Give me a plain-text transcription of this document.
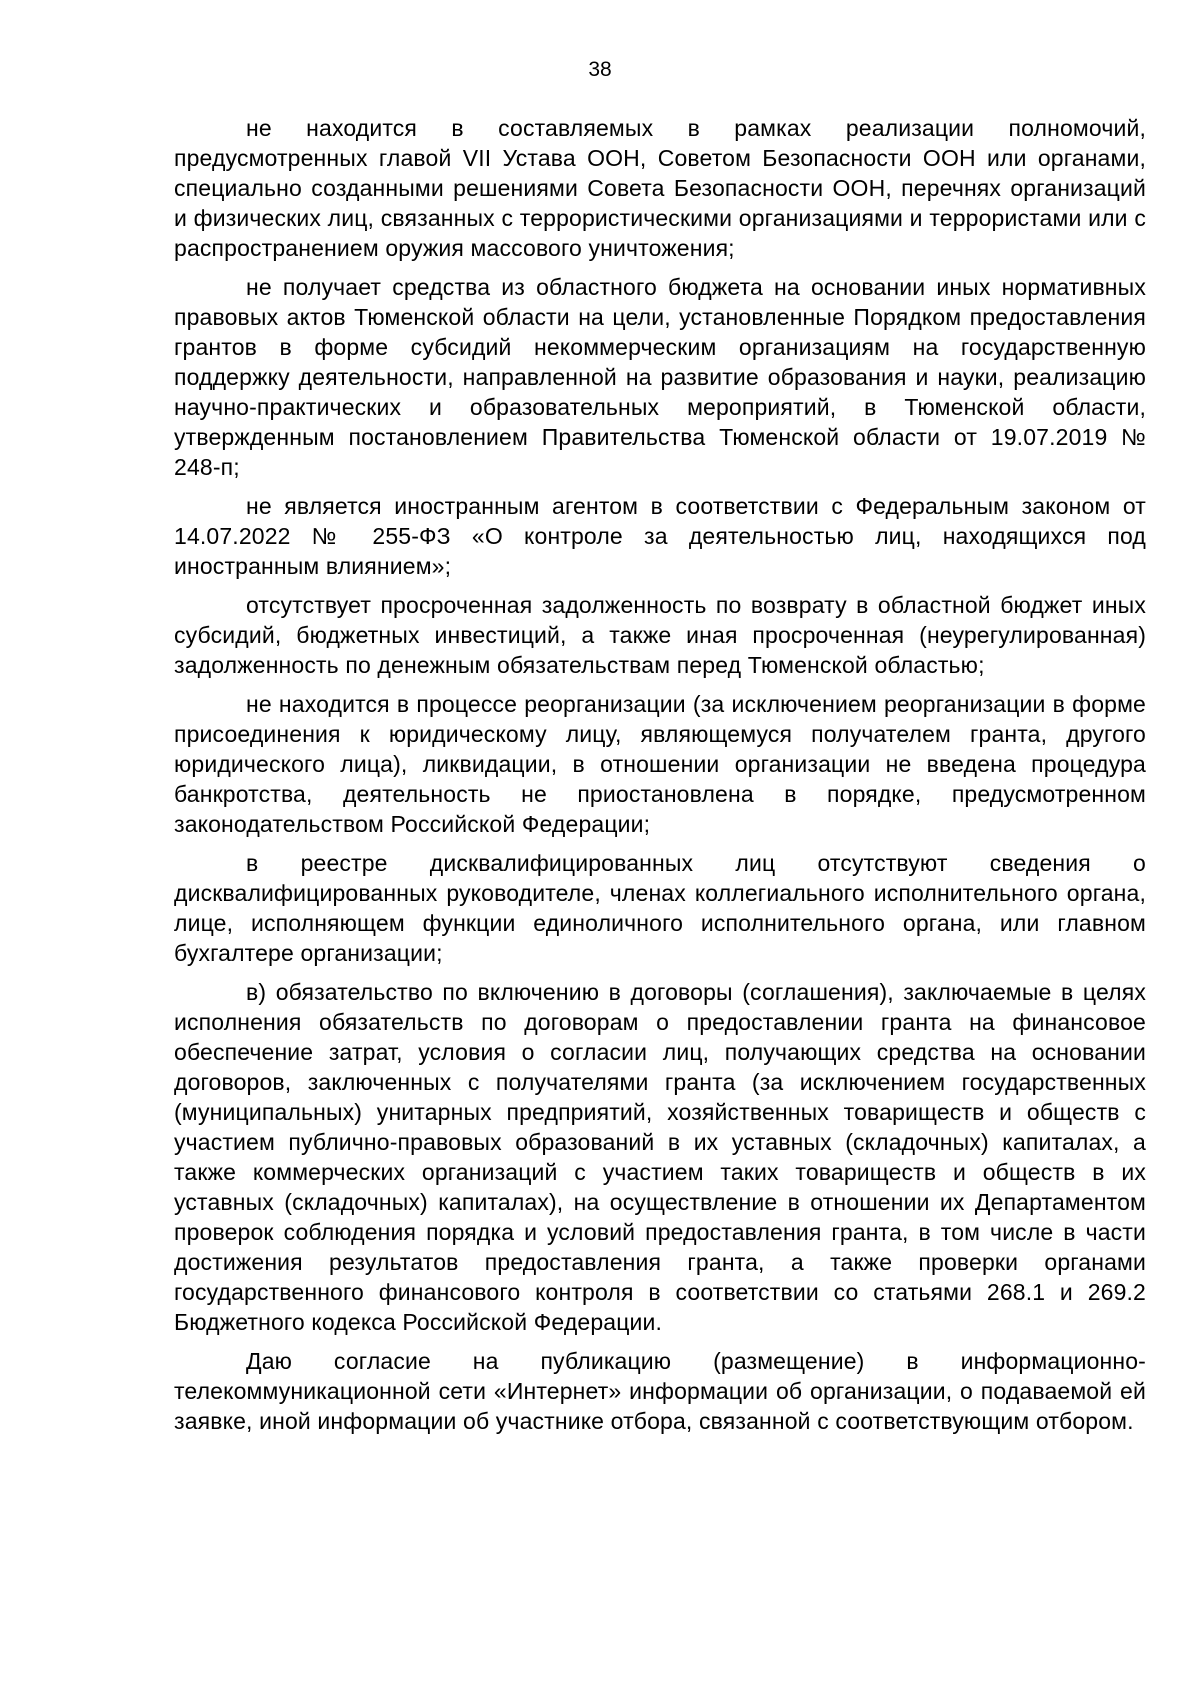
38

не находится в составляемых в рамках реализации полномочий, предусмотренных главой VII Устава ООН, Советом Безопасности ООН или органами, специально созданными решениями Совета Безопасности ООН, перечнях организаций и физических лиц, связанных с террористическими организациями и террористами или с распространением оружия массового уничтожения;

не получает средства из областного бюджета на основании иных нормативных правовых актов Тюменской области на цели, установленные Порядком предоставления грантов в форме субсидий некоммерческим организациям на государственную поддержку деятельности, направленной на развитие образования и науки, реализацию научно-практических и образовательных мероприятий, в Тюменской области, утвержденным постановлением Правительства Тюменской области от 19.07.2019 № 248-п;

не является иностранным агентом в соответствии с Федеральным законом от 14.07.2022 № 255-ФЗ «О контроле за деятельностью лиц, находящихся под иностранным влиянием»;

отсутствует просроченная задолженность по возврату в областной бюджет иных субсидий, бюджетных инвестиций, а также иная просроченная (неурегулированная) задолженность по денежным обязательствам перед Тюменской областью;

не находится в процессе реорганизации (за исключением реорганизации в форме присоединения к юридическому лицу, являющемуся получателем гранта, другого юридического лица), ликвидации, в отношении организации не введена процедура банкротства, деятельность не приостановлена в порядке, предусмотренном законодательством Российской Федерации;

в реестре дисквалифицированных лиц отсутствуют сведения о дисквалифицированных руководителе, членах коллегиального исполнительного органа, лице, исполняющем функции единоличного исполнительного органа, или главном бухгалтере организации;

в) обязательство по включению в договоры (соглашения), заключаемые в целях исполнения обязательств по договорам о предоставлении гранта на финансовое обеспечение затрат, условия о согласии лиц, получающих средства на основании договоров, заключенных с получателями гранта (за исключением государственных (муниципальных) унитарных предприятий, хозяйственных товариществ и обществ с участием публично-правовых образований в их уставных (складочных) капиталах, а также коммерческих организаций с участием таких товариществ и обществ в их уставных (складочных) капиталах), на осуществление в отношении их Департаментом проверок соблюдения порядка и условий предоставления гранта, в том числе в части достижения результатов предоставления гранта, а также проверки органами государственного финансового контроля в соответствии со статьями 268.1 и 269.2 Бюджетного кодекса Российской Федерации.

Даю согласие на публикацию (размещение) в информационно-телекоммуникационной сети «Интернет» информации об организации, о подаваемой ей заявке, иной информации об участнике отбора, связанной с соответствующим отбором.
